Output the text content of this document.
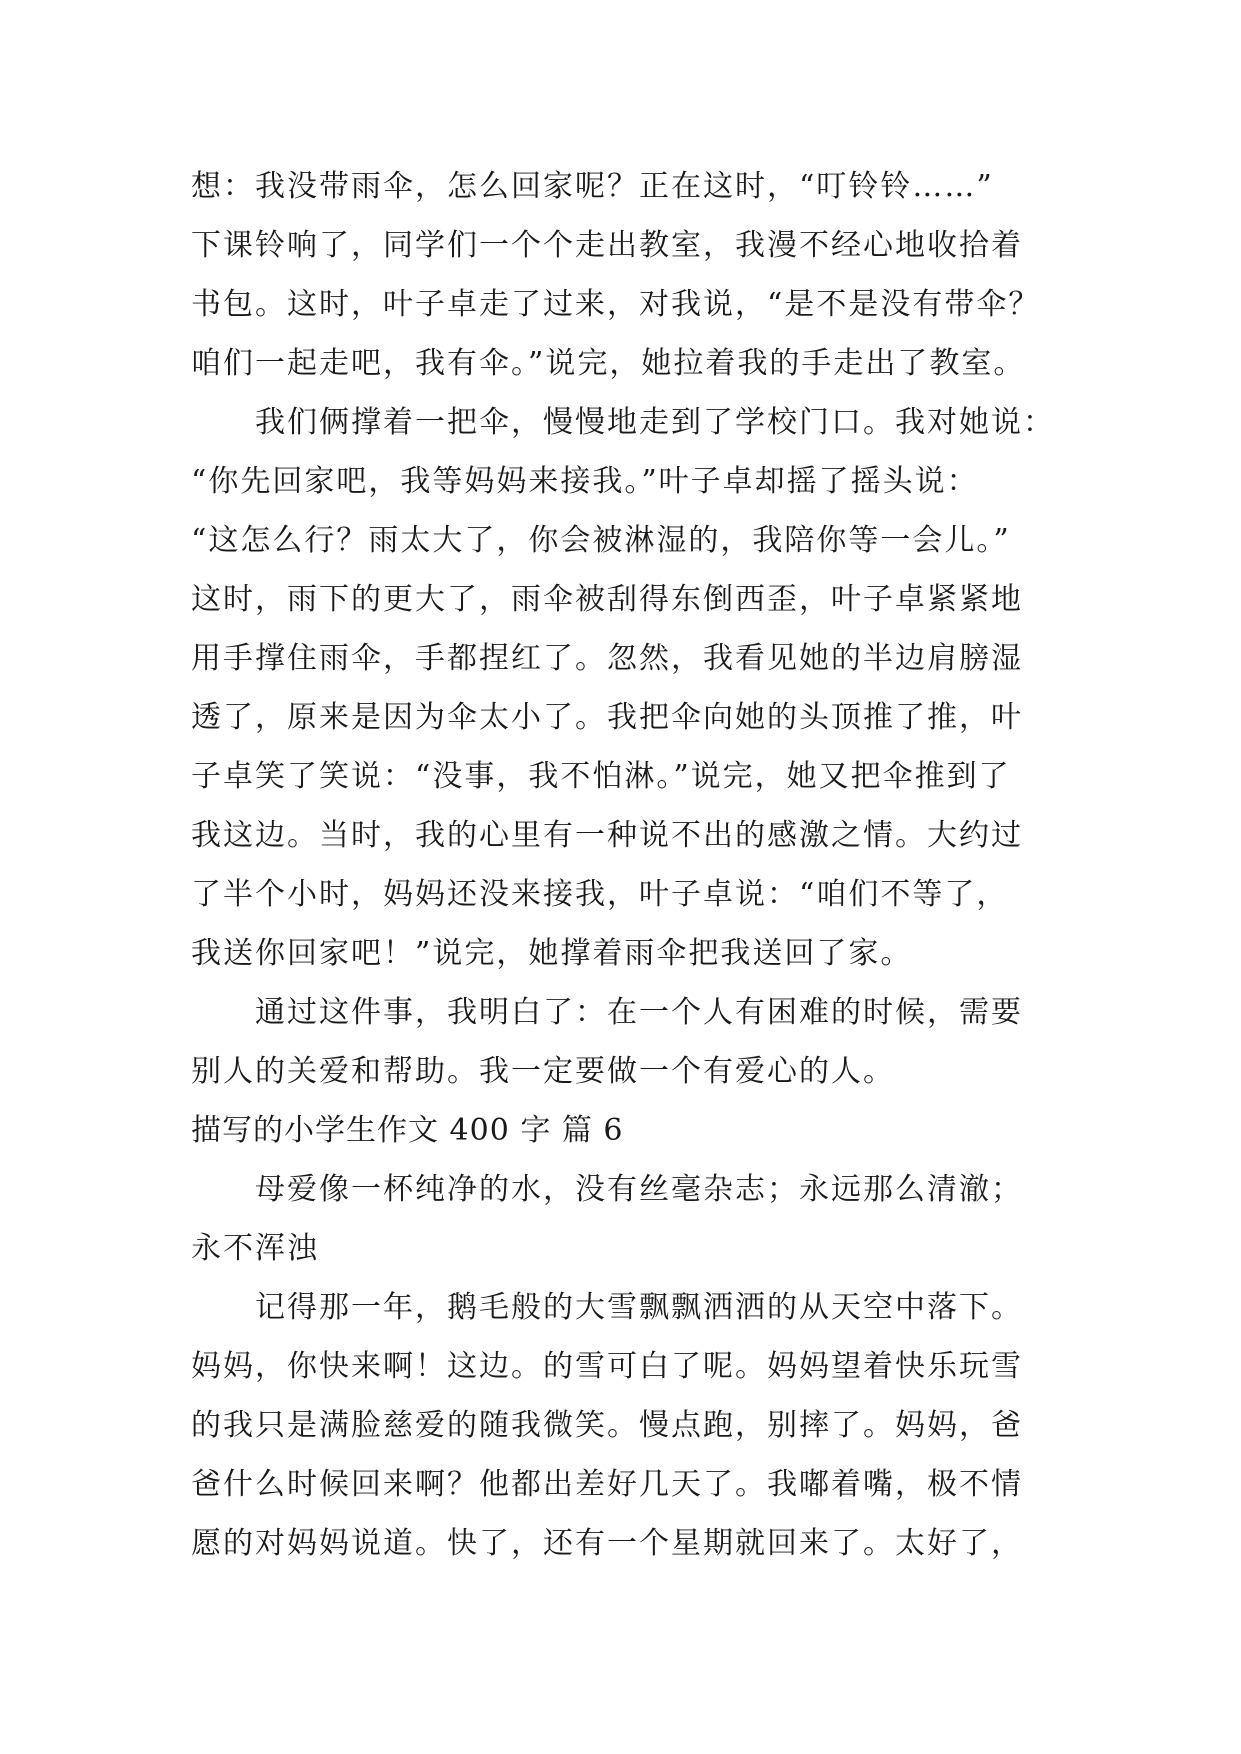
想：我没带雨伞，怎么回家呢？正在这时，“叮铃铃……”
下课铃响了，同学们一个个走出教室，我漫不经心地收拾着
书包。这时，叶子卓走了过来，对我说，“是不是没有带伞？
咱们一起走吧，我有伞。”说完，她拉着我的手走出了教室。
我们俩撑着一把伞，慢慢地走到了学校门口。我对她说：
“你先回家吧，我等妈妈来接我。”叶子卓却摇了摇头说：
“这怎么行？雨太大了，你会被淋湿的，我陪你等一会儿。”
这时，雨下的更大了，雨伞被刮得东倒西歪，叶子卓紧紧地
用手撑住雨伞，手都捏红了。忽然，我看见她的半边肩膀湿
透了，原来是因为伞太小了。我把伞向她的头顶推了推，叶
子卓笑了笑说：“没事，我不怕淋。”说完，她又把伞推到了
我这边。当时，我的心里有一种说不出的感激之情。大约过
了半个小时，妈妈还没来接我，叶子卓说：“咱们不等了，
我送你回家吧！”说完，她撑着雨伞把我送回了家。
通过这件事，我明白了：在一个人有困难的时候，需要
别人的关爱和帮助。我一定要做一个有爱心的人。
描写的小学生作文 400 字 篇 6
母爱像一杯纯净的水，没有丝毫杂志；永远那么清澈；
永不浑浊
记得那一年，鹅毛般的大雪飘飘洒洒的从天空中落下。
妈妈，你快来啊！这边。的雪可白了呢。妈妈望着快乐玩雪
的我只是满脸慈爱的随我微笑。慢点跑，别摔了。妈妈，爸
爸什么时候回来啊？他都出差好几天了。我嘟着嘴，极不情
愿的对妈妈说道。快了，还有一个星期就回来了。太好了，
